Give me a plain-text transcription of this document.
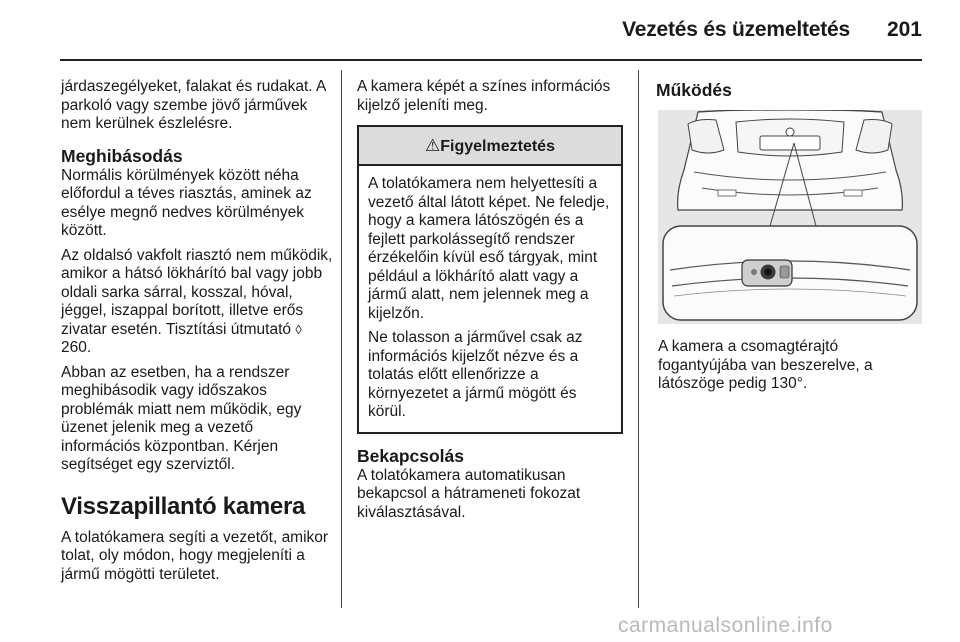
Vezetés és üzemeltetés	201

járdaszegélyeket, falakat és rudakat. A parkoló vagy szembe jövő járművek nem kerülnek észlelésre.

Meghibásodás

Normális körülmények között néha előfordul a téves riasztás, aminek az esélye megnő nedves körülmények között.

Az oldalsó vakfolt riasztó nem működik, amikor a hátsó lökhárító bal vagy jobb oldali sarka sárral, kosszal, hóval, jéggel, iszappal borított, illetve erős zivatar esetén. Tisztítási útmutató ◊ 260.

Abban az esetben, ha a rendszer meghibásodik vagy időszakos problémák miatt nem működik, egy üzenet jelenik meg a vezető információs központban. Kérjen segítséget egy szerviztől.

Visszapillantó kamera

A tolatókamera segíti a vezetőt, amikor tolat, oly módon, hogy megjeleníti a jármű mögötti területet.

A kamera képét a színes információs kijelző jeleníti meg.

⚠Figyelmeztetés

A tolatókamera nem helyettesíti a vezető által látott képet. Ne feledje, hogy a kamera látószögén és a fejlett parkolássegítő rendszer érzékelőin kívül eső tárgyak, mint például a lökhárító alatt vagy a jármű alatt, nem jelennek meg a kijelzőn.

Ne tolasson a járművel csak az információs kijelzőt nézve és a tolatás előtt ellenőrizze a környezetet a jármű mögött és körül.

Bekapcsolás

A tolatókamera automatikusan bekapcsol a hátrameneti fokozat kiválasztásával.

Működés

A kamera a csomagtérajtó fogantyújába van beszerelve, a látószöge pedig 130°.

carmanualsonline.info
